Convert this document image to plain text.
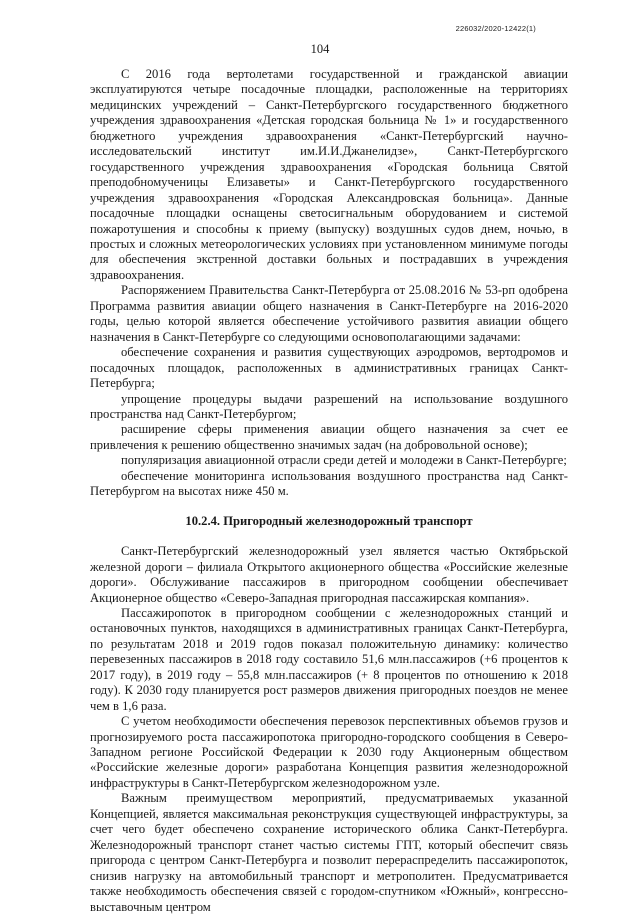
226032/2020-12422(1)
104

С 2016 года вертолетами государственной и гражданской авиации эксплуатируются четыре посадочные площадки, расположенные на территориях медицинских учреждений – Санкт-Петербургского государственного бюджетного учреждения здравоохранения «Детская городская больница № 1» и государственного бюджетного учреждения здравоохранения «Санкт-Петербургский научно-исследовательский институт им.И.И.Джанелидзе», Санкт-Петербургского государственного учреждения здравоохранения «Городская больница Святой преподобномученицы Елизаветы» и Санкт-Петербургского государственного учреждения здравоохранения «Городская Александровская больница». Данные посадочные площадки оснащены светосигнальным оборудованием и системой пожаротушения и способны к приему (выпуску) воздушных судов днем, ночью, в простых и сложных метеорологических условиях при установленном минимуме погоды для обеспечения экстренной доставки больных и пострадавших в учреждения здравоохранения.

Распоряжением Правительства Санкт-Петербурга от 25.08.2016 № 53-рп одобрена Программа развития авиации общего назначения в Санкт-Петербурге на 2016-2020 годы, целью которой является обеспечение устойчивого развития авиации общего назначения в Санкт-Петербурге со следующими основополагающими задачами:

обеспечение сохранения и развития существующих аэродромов, вертодромов и посадочных площадок, расположенных в административных границах Санкт-Петербурга;

упрощение процедуры выдачи разрешений на использование воздушного пространства над Санкт-Петербургом;

расширение сферы применения авиации общего назначения за счет ее привлечения к решению общественно значимых задач (на добровольной основе);

популяризация авиационной отрасли среди детей и молодежи в Санкт-Петербурге;

обеспечение мониторинга использования воздушного пространства над Санкт-Петербургом на высотах ниже 450 м.

10.2.4. Пригородный железнодорожный транспорт

Санкт-Петербургский железнодорожный узел является частью Октябрьской железной дороги – филиала Открытого акционерного общества «Российские железные дороги». Обслуживание пассажиров в пригородном сообщении обеспечивает Акционерное общество «Северо-Западная пригородная пассажирская компания».

Пассажиропоток в пригородном сообщении с железнодорожных станций и остановочных пунктов, находящихся в административных границах Санкт-Петербурга, по результатам 2018 и 2019 годов показал положительную динамику: количество перевезенных пассажиров в 2018 году составило 51,6 млн.пассажиров (+6 процентов к 2017 году), в 2019 году – 55,8 млн.пассажиров (+ 8 процентов по отношению к 2018 году). К 2030 году планируется рост размеров движения пригородных поездов не менее чем в 1,6 раза.

С учетом необходимости обеспечения перевозок перспективных объемов грузов и прогнозируемого роста пассажиропотока пригородно-городского сообщения в Северо-Западном регионе Российской Федерации к 2030 году Акционерным обществом «Российские железные дороги» разработана Концепция развития железнодорожной инфраструктуры в Санкт-Петербургском железнодорожном узле.

Важным преимуществом мероприятий, предусматриваемых указанной Концепцией, является максимальная реконструкция существующей инфраструктуры, за счет чего будет обеспечено сохранение исторического облика Санкт-Петербурга. Железнодорожный транспорт станет частью системы ГПТ, который обеспечит связь пригорода с центром Санкт-Петербурга и позволит перераспределить пассажиропоток, снизив нагрузку на автомобильный транспорт и метрополитен. Предусматривается также необходимость обеспечения связей с городом-спутником «Южный», конгрессно-выставочным центром
